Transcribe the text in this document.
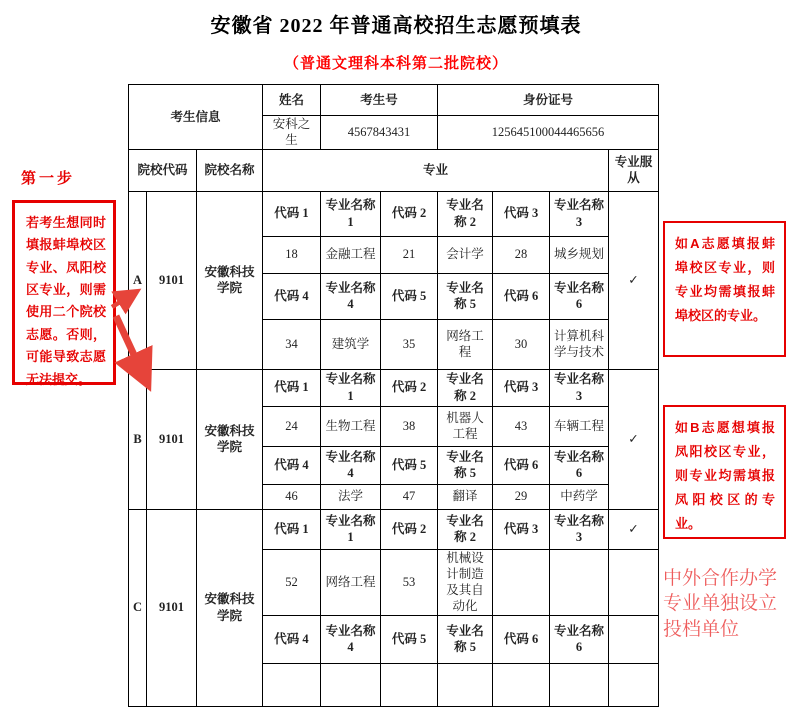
安徽省 2022 年普通高校招生志愿预填表
（普通文理科本科第二批院校）
第一步
若考生想同时填报蚌埠校区专业、凤阳校区专业，则需使用二个院校志愿。否则，可能导致志愿无法提交。
考生信息			姓名	考生号		身份证号			
			安科之生	4567843431		125645100044465656			
院校代码		院校名称	专业						专业服从
A	9101	安徽科技学院	代码 1	专业名称 1	代码 2	专业名称 2	代码 3	专业名称 3	✓
			18	金融工程	21	会计学	28	城乡规划	
			代码 4	专业名称 4	代码 5	专业名称 5	代码 6	专业名称 6	
			34	建筑学	35	网络工程	30	计算机科学与技术	
B	9101	安徽科技学院	代码 1	专业名称 1	代码 2	专业名称 2	代码 3	专业名称 3	✓
			24	生物工程	38	机器人工程	43	车辆工程	
			代码 4	专业名称 4	代码 5	专业名称 5	代码 6	专业名称 6	
			46	法学	47	翻译	29	中药学	
C	9101	安徽科技学院	代码 1	专业名称 1	代码 2	专业名称 2	代码 3	专业名称 3	✓
			52	网络工程	53	机械设计制造及其自动化			
			代码 4	专业名称 4	代码 5	专业名称 5	代码 6	专业名称 6	

如A志愿填报蚌埠校区专业，则专业均需填报蚌埠校区的专业。
如B志愿想填报凤阳校区专业，则专业均需填报凤阳校区的专业。
中外合作办学专业单独设立投档单位
